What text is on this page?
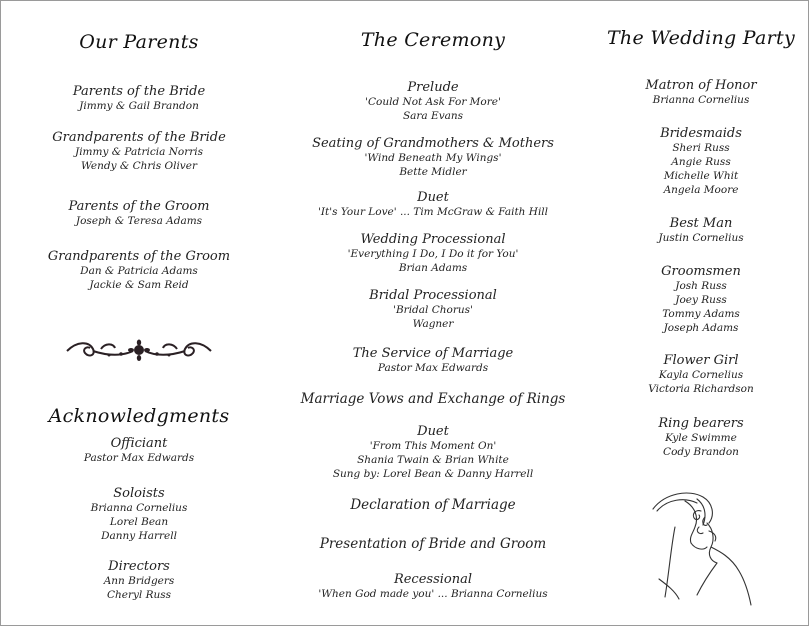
Our Parents
Parents of the Bride
Jimmy & Gail Brandon
Grandparents of the Bride
Jimmy & Patricia Norris
Wendy & Chris Oliver
Parents of the Groom
Joseph & Teresa Adams
Grandparents of the Groom
Dan & Patricia Adams
Jackie & Sam Reid
Acknowledgments
Officiant
Pastor Max Edwards
Soloists
Brianna Cornelius
Lorel Bean
Danny Harrell
Directors
Ann Bridgers
Cheryl Russ
The Ceremony
Prelude
'Could Not Ask For More'
Sara Evans
Seating of Grandmothers & Mothers
'Wind Beneath My Wings'
Bette Midler
Duet
'It's Your Love' ... Tim McGraw & Faith Hill
Wedding Processional
'Everything I Do, I Do it for You'
Brian Adams
Bridal Processional
'Bridal Chorus'
Wagner
The Service of Marriage
Pastor Max Edwards
Marriage Vows and Exchange of Rings
Duet
'From This Moment On'
Shania Twain & Brian White
Sung by: Lorel Bean & Danny Harrell
Declaration of Marriage
Presentation of Bride and Groom
Recessional
'When God made you' ... Brianna Cornelius
The Wedding Party
Matron of Honor
Brianna Cornelius
Bridesmaids
Sheri Russ
Angie Russ
Michelle Whit
Angela Moore
Best Man
Justin Cornelius
Groomsmen
Josh Russ
Joey Russ
Tommy Adams
Joseph Adams
Flower Girl
Kayla Cornelius
Victoria Richardson
Ring bearers
Kyle Swimme
Cody Brandon
